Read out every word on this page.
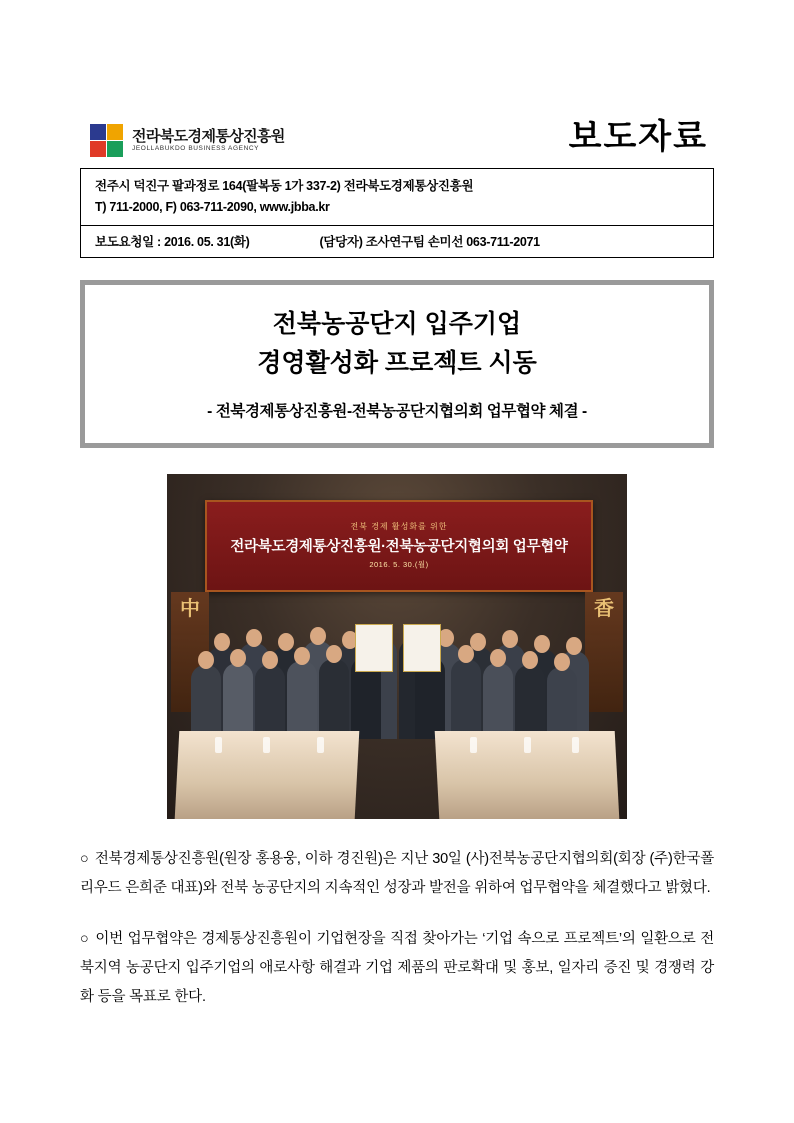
전라북도경제통상진흥원
JEOLLABUKDO BUSINESS AGENCY	보도자료
전주시 덕진구 팔과정로 164(팔복동 1가 337-2) 전라북도경제통상진흥원
T) 711-2000, F) 063-711-2090, www.jbba.kr
보도요청일 : 2016. 05. 31(화)	(담당자) 조사연구팀 손미선 063-711-2071
전북농공단지 입주기업
경영활성화 프로젝트 시동
- 전북경제통상진흥원-전북농공단지협의회 업무협약 체결 -
전북 경제 활성화를 위한
전라북도경제통상진흥원·전북농공단지협의회 업무협약
2016. 5. 30.(월)
中	香

○ 전북경제통상진흥원(원장 홍용웅, 이하 경진원)은 지난 30일 (사)전북농공단지협의회(회장 (주)한국폴리우드 은희준 대표)와 전북 농공단지의 지속적인 성장과 발전을 위하여 업무협약을 체결했다고 밝혔다.

○ 이번 업무협약은 경제통상진흥원이 기업현장을 직접 찾아가는 ‘기업 속으로 프로젝트’의 일환으로 전북지역 농공단지 입주기업의 애로사항 해결과 기업 제품의 판로확대 및 홍보, 일자리 증진 및 경쟁력 강화 등을 목표로 한다.
